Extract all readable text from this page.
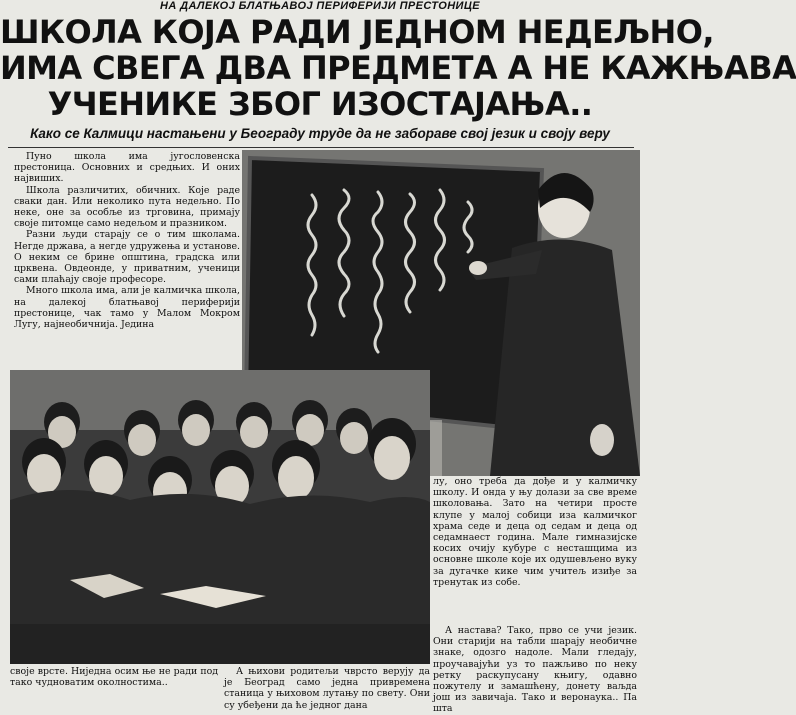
НА ДАЛЕКОЈ БЛАТЊАВОЈ ПЕРИФЕРИЈИ ПРЕСТОНИЦЕ
ШКОЛА КОЈА РАДИ ЈЕДНОМ НЕДЕЉНО,
ИМА СВЕГА ДВА ПРЕДМЕТА А НЕ КАЖЊАВА
УЧЕНИКЕ ЗБОГ ИЗОСТАЈАЊА..
Како се Калмици настањени у Београду труде да не забораве свој језик и своју веру

Пуно школа има југословенска престоница. Основних и средњих. И оних највиших.

Школа различитих, обичних. Које раде сваки дан. Или неколико пута недељно. По неке, оне за особље из трговина, примају своје питомце само недељом и празником.

Разни људи старају се о тим школама. Негде држава, а негде удружења и установе. О неким се брине општина, градска или црквена. Овдеонде, у приватним, ученици сами плаћају своје професоре.

Много школа има, али је калмичка школа, на далекој блатњавој периферији престонице, чак тамо у Малом Мокром Лугу, најнеобичнија. Једина

лу, оно треба да дође и у калмичку школу. И онда у њу долази за све време школовања. Зато на четири просте клупе у малој собици иза калмичког храма седе и деца од седам и деца од седамнаест година. Мале гимназијске косих очију кубуре с несташцима из основне школе које их одушевљено вуку за дугачке кике чим учитељ изиђе за тренутак из собе.

А настава? Тако, прво се учи језик. Они старији на табли шарају необичне знаке, одозго надоле. Мали гледају, проучавајући уз то пажљиво по неку ретку раскупусану књигу, одавно пожутелу и замашћену, донету ваљда још из завичаја. Тако и веронаука.. Па шта

своје врсте. Ниједна осим ње не ради под тако чудноватим околностима..

А њихови родитељи чврсто верују да је Београд само једна привремена станица у њиховом лутању по свету. Они су убеђени да ће једног дана
